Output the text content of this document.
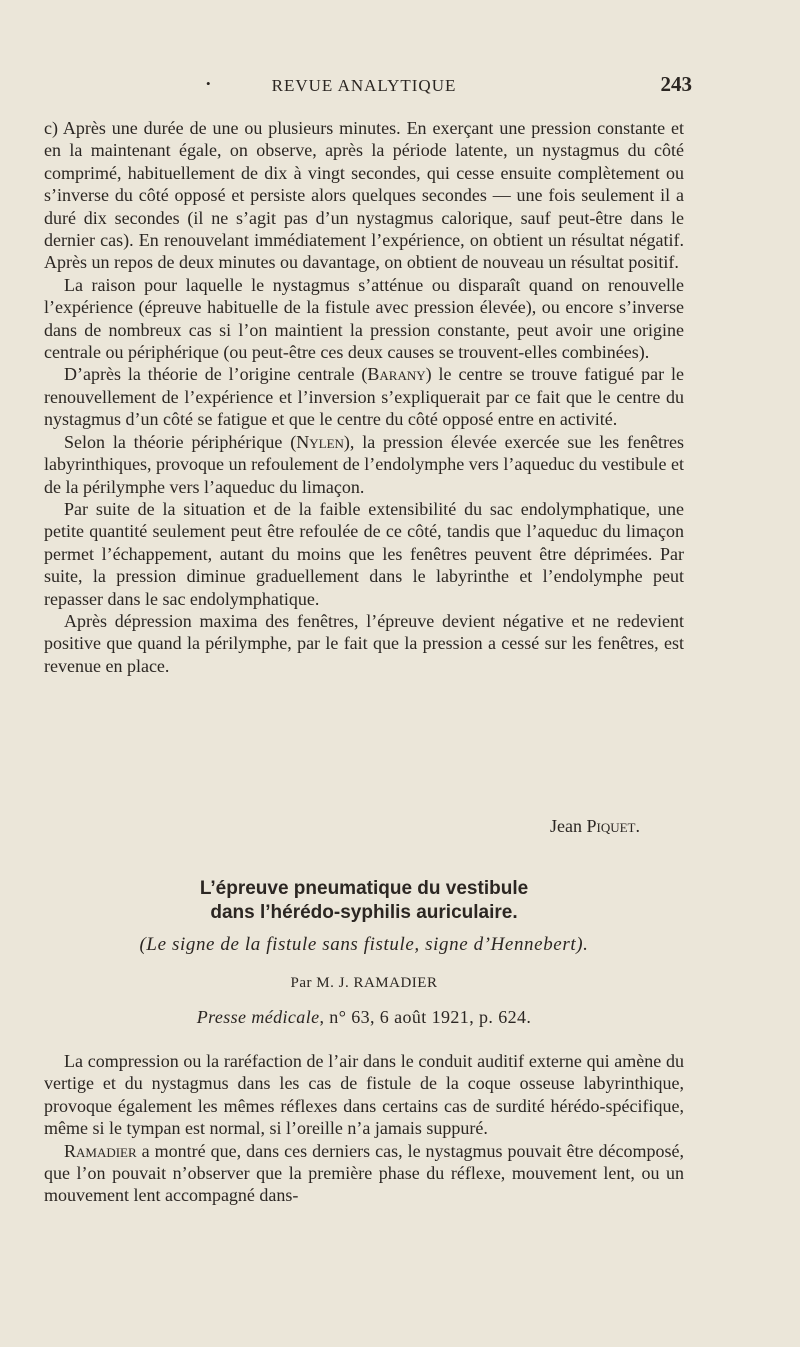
•	REVUE ANALYTIQUE	243

c) Après une durée de une ou plusieurs minutes. En exerçant une pression constante et en la maintenant égale, on observe, après la période latente, un nystagmus du côté comprimé, habituellement de dix à vingt secondes, qui cesse ensuite complètement ou s’inverse du côté opposé et persiste alors quelques secondes — une fois seulement il a duré dix secondes (il ne s’agit pas d’un nystagmus calorique, sauf peut-être dans le dernier cas). En renouvelant immédiatement l’expérience, on obtient un résultat négatif. Après un repos de deux minutes ou davantage, on obtient de nouveau un résultat positif.

La raison pour laquelle le nystagmus s’atténue ou disparaît quand on renouvelle l’expérience (épreuve habituelle de la fistule avec pression élevée), ou encore s’inverse dans de nombreux cas si l’on maintient la pression constante, peut avoir une origine centrale ou périphérique (ou peut-être ces deux causes se trouvent-elles combinées).

D’après la théorie de l’origine centrale (Barany) le centre se trouve fatigué par le renouvellement de l’expérience et l’inversion s’expliquerait par ce fait que le centre du nystagmus d’un côté se fatigue et que le centre du côté opposé entre en activité.

Selon la théorie périphérique (Nylen), la pression élevée exercée sue les fenêtres labyrinthiques, provoque un refoulement de l’endolymphe vers l’aqueduc du vestibule et de la périlymphe vers l’aqueduc du limaçon.

Par suite de la situation et de la faible extensibilité du sac endolymphatique, une petite quantité seulement peut être refoulée de ce côté, tandis que l’aqueduc du limaçon permet l’échappement, autant du moins que les fenêtres peuvent être déprimées. Par suite, la pression diminue graduellement dans le labyrinthe et l’endolymphe peut repasser dans le sac endolymphatique.

Après dépression maxima des fenêtres, l’épreuve devient négative et ne redevient positive que quand la périlymphe, par le fait que la pression a cessé sur les fenêtres, est revenue en place.

Jean Piquet.
L’épreuve pneumatique du vestibule
dans l’hérédo-syphilis auriculaire.
(Le signe de la fistule sans fistule, signe d’Hennebert).
Par M. J. RAMADIER
Presse médicale, n° 63, 6 août 1921, p. 624.

La compression ou la raréfaction de l’air dans le conduit auditif externe qui amène du vertige et du nystagmus dans les cas de fistule de la coque osseuse labyrinthique, provoque également les mêmes réflexes dans certains cas de surdité hérédo-spécifique, même si le tympan est normal, si l’oreille n’a jamais suppuré.

Ramadier a montré que, dans ces derniers cas, le nystagmus pouvait être décomposé, que l’on pouvait n’observer que la première phase du réflexe, mouvement lent, ou un mouvement lent accompagné dans-
